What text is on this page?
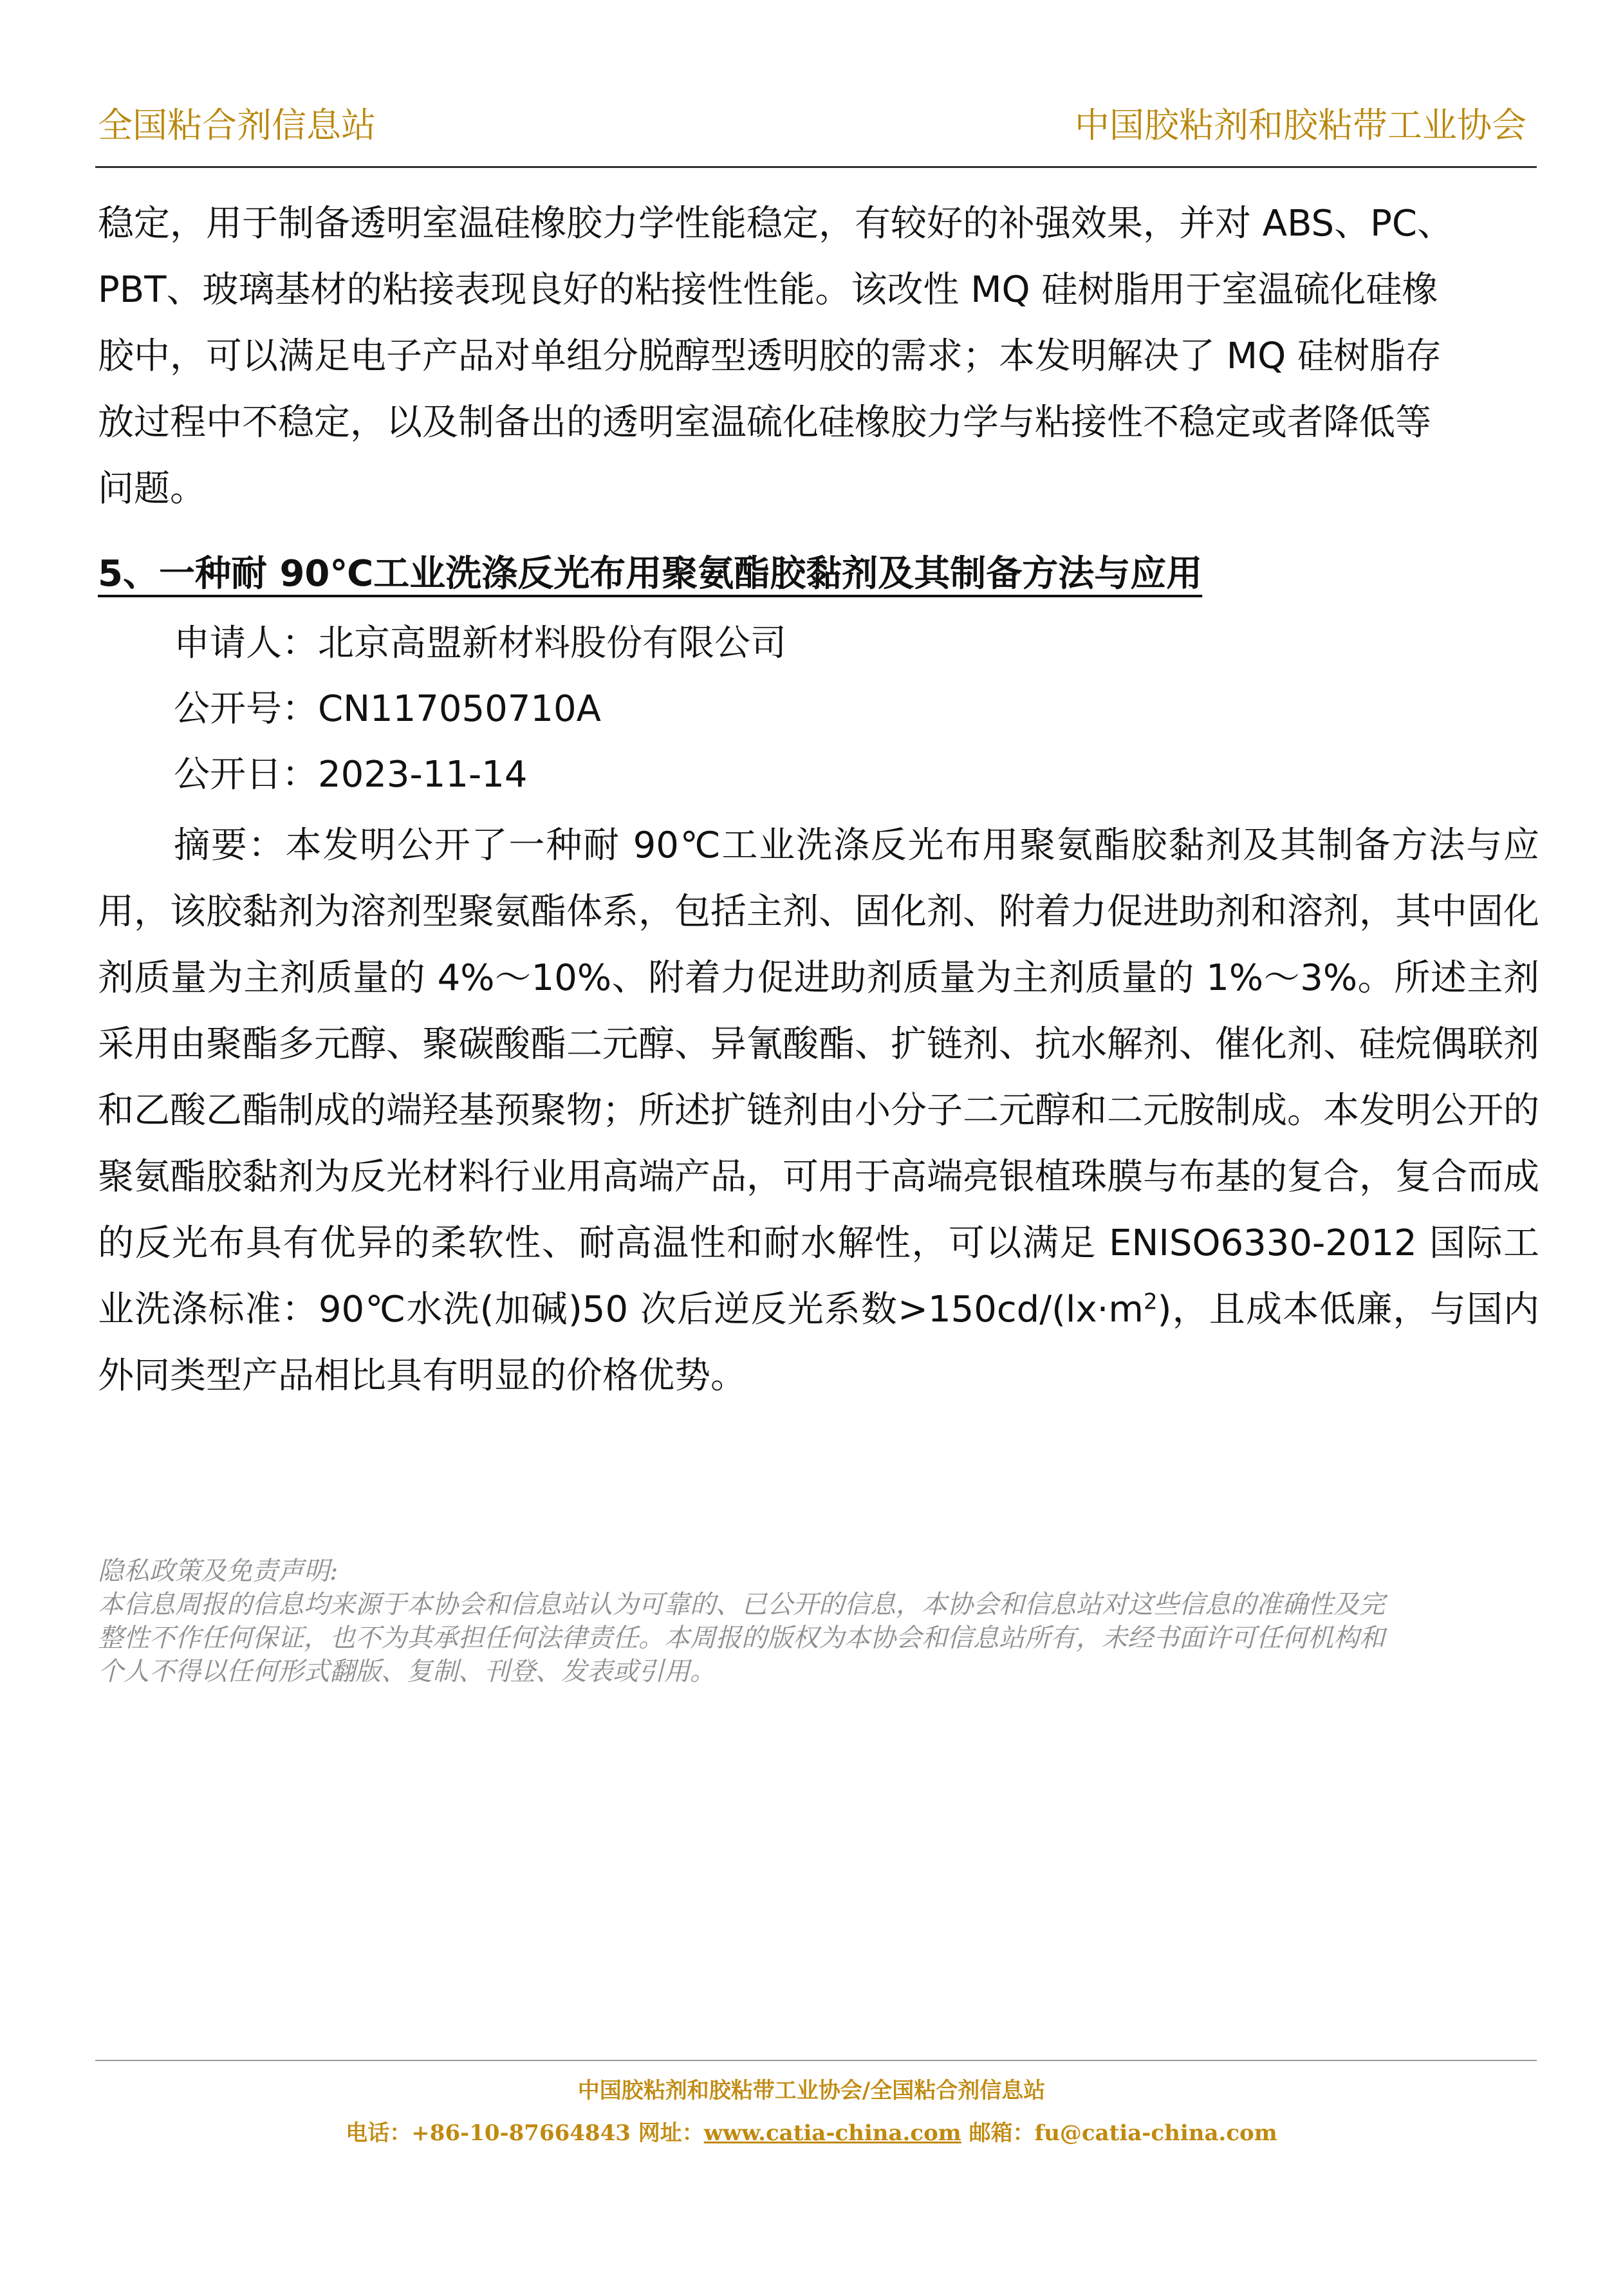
全国粘合剂信息站	中国胶粘剂和胶粘带工业协会

稳定，用于制备透明室温硅橡胶力学性能稳定，有较好的补强效果，并对 ABS、PC、

PBT、玻璃基材的粘接表现良好的粘接性性能。该改性 MQ 硅树脂用于室温硫化硅橡

胶中，可以满足电子产品对单组分脱醇型透明胶的需求；本发明解决了 MQ 硅树脂存

放过程中不稳定，以及制备出的透明室温硫化硅橡胶力学与粘接性不稳定或者降低等

问题。

5、一种耐 90℃工业洗涤反光布用聚氨酯胶黏剂及其制备方法与应用
申请人：北京高盟新材料股份有限公司
公开号：CN117050710A
公开日：2023-11-14

摘要：本发明公开了一种耐 90℃工业洗涤反光布用聚氨酯胶黏剂及其制备方法与应用，该胶黏剂为溶剂型聚氨酯体系，包括主剂、固化剂、附着力促进助剂和溶剂，其中固化剂质量为主剂质量的 4%～10%、附着力促进助剂质量为主剂质量的 1%～3%。所述主剂采用由聚酯多元醇、聚碳酸酯二元醇、异氰酸酯、扩链剂、抗水解剂、催化剂、硅烷偶联剂和乙酸乙酯制成的端羟基预聚物；所述扩链剂由小分子二元醇和二元胺制成。本发明公开的聚氨酯胶黏剂为反光材料行业用高端产品，可用于高端亮银植珠膜与布基的复合，复合而成的反光布具有优异的柔软性、耐高温性和耐水解性，可以满足 ENISO6330-2012 国际工业洗涤标准：90℃水洗(加碱)50 次后逆反光系数$>150cd/(lx\cdot m^2)$，且成本低廉，与国内外同类型产品相比具有明显的价格优势。

隐私政策及免责声明:

本信息周报的信息均来源于本协会和信息站认为可靠的、已公开的信息，本协会和信息站对这些信息的准确性及完

整性不作任何保证，也不为其承担任何法律责任。本周报的版权为本协会和信息站所有，未经书面许可任何机构和

个人不得以任何形式翻版、复制、刊登、发表或引用。

中国胶粘剂和胶粘带工业协会/全国粘合剂信息站
电话：+86-10-87664843 网址：www.catia-china.com 邮箱：fu@catia-china.com
